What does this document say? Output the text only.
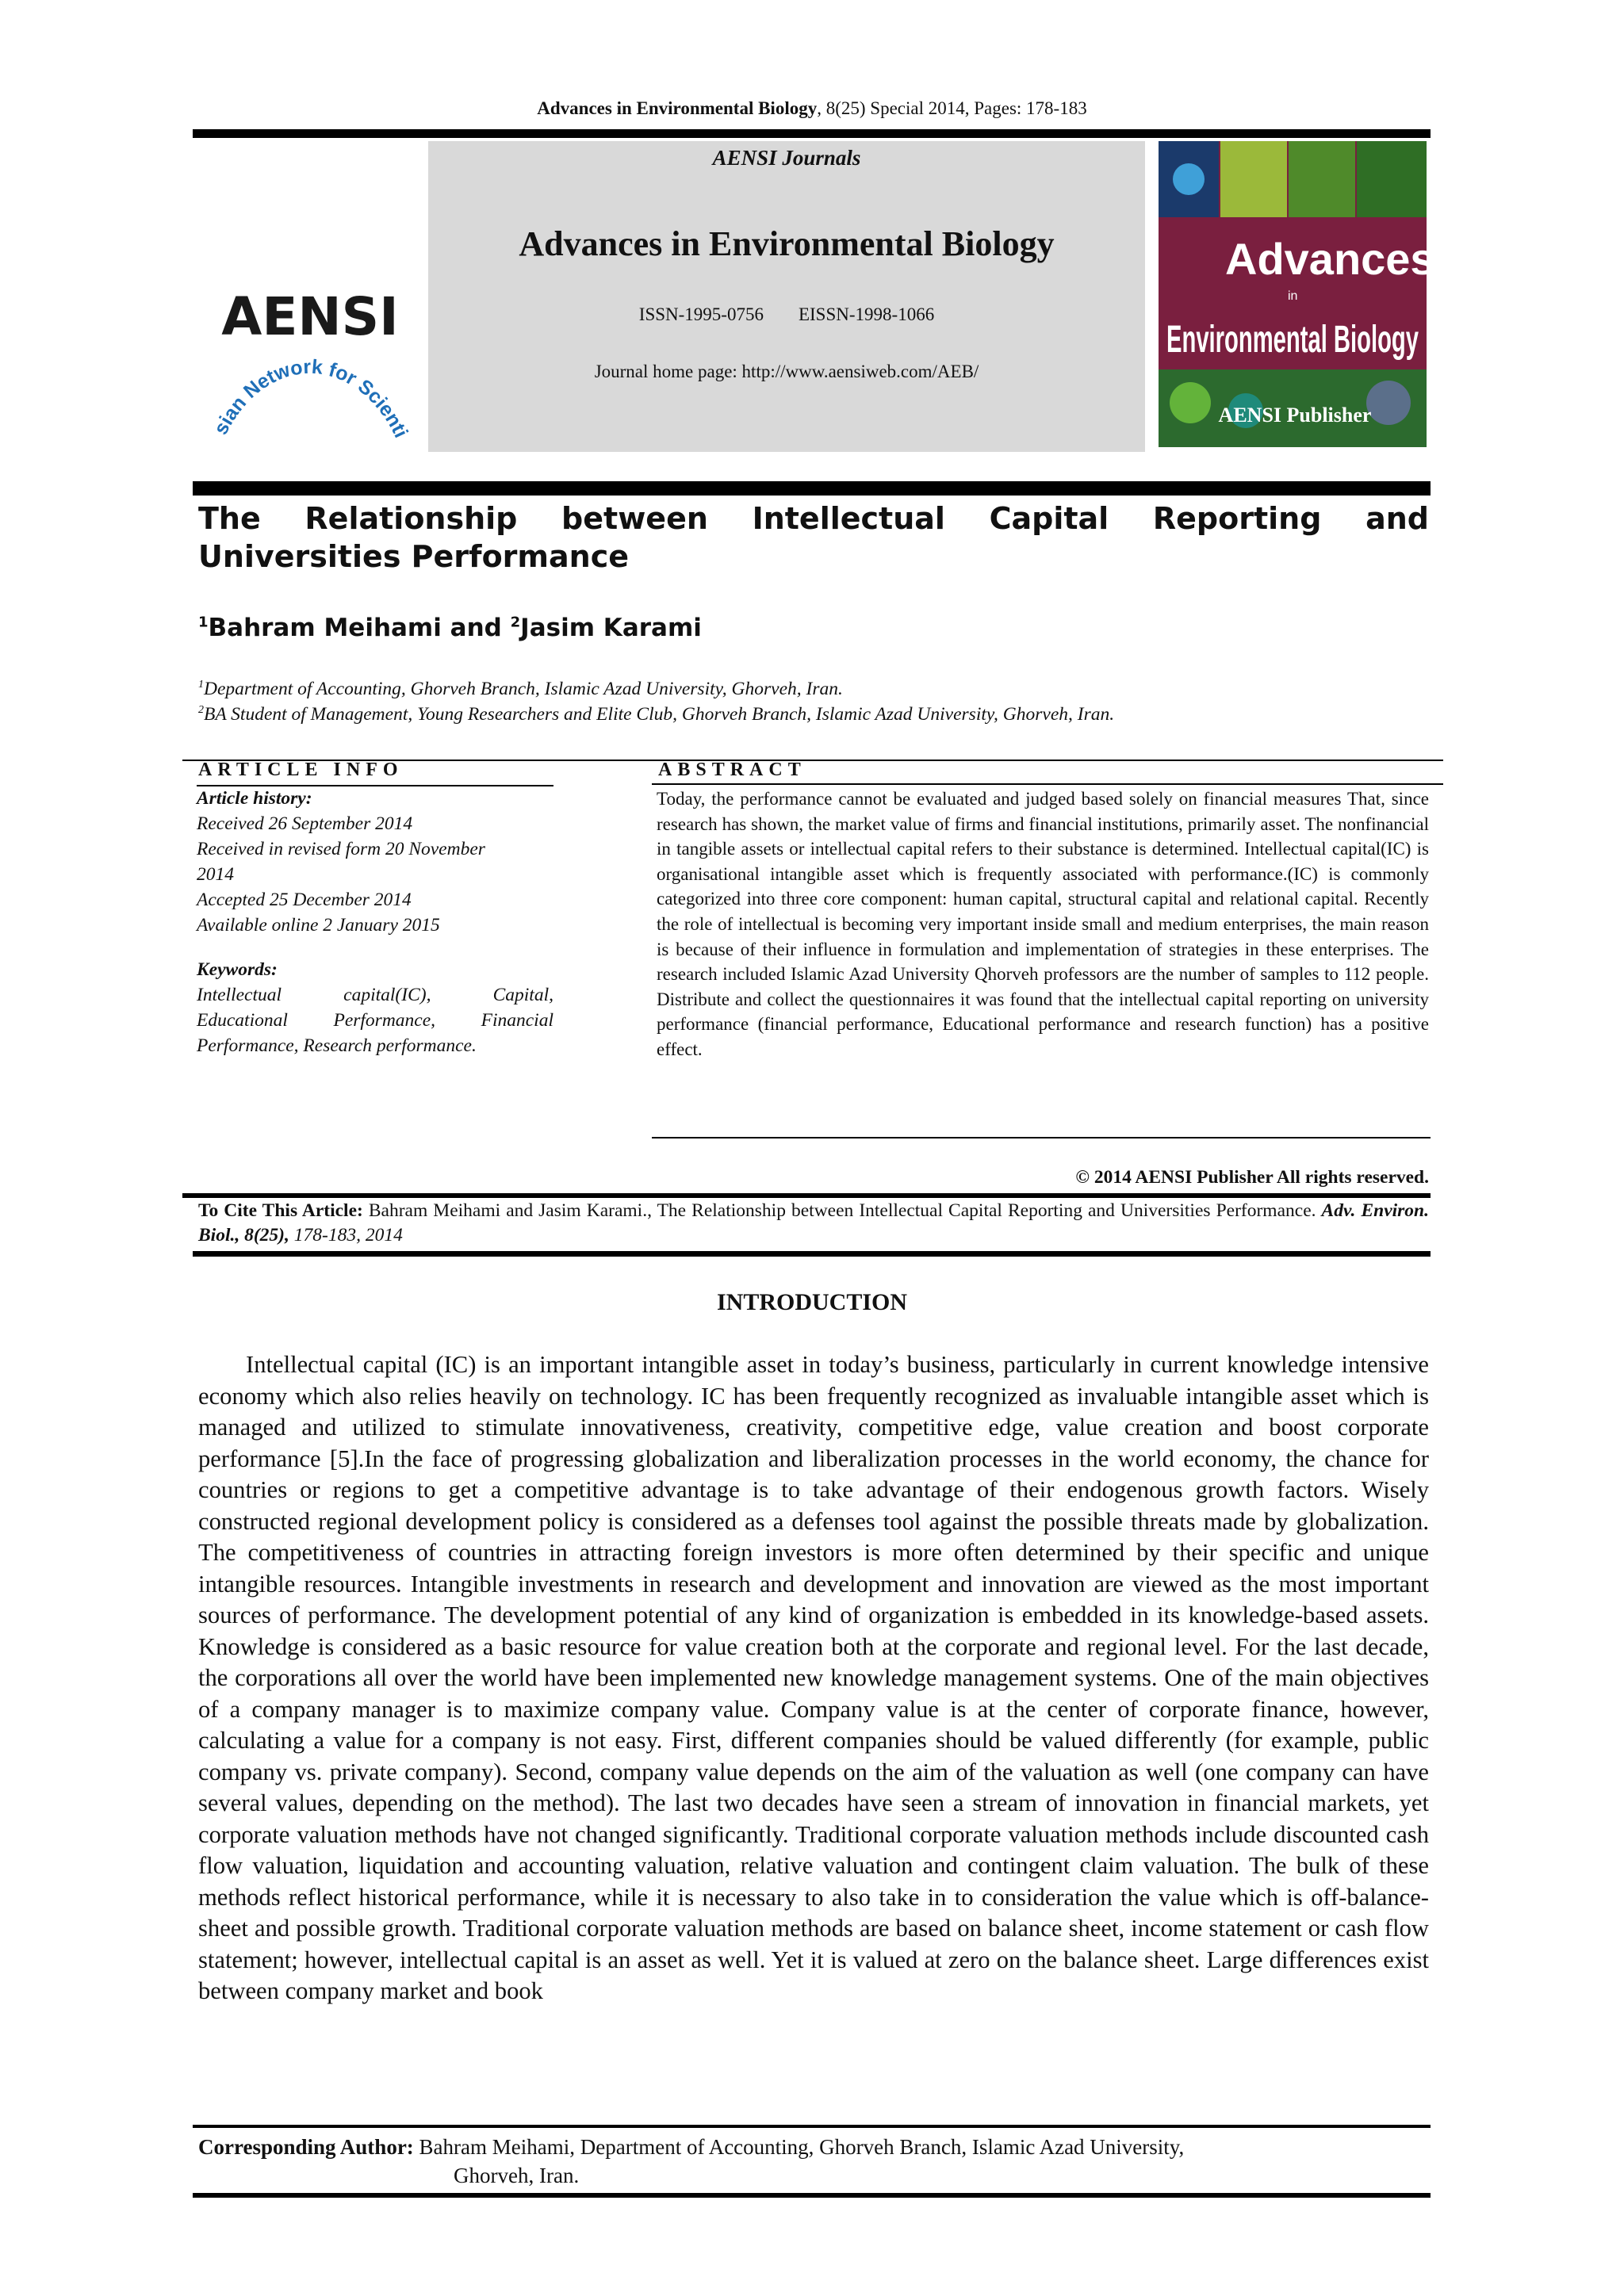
Advances in Environmental Biology, 8(25) Special 2014, Pages: 178-183
sian Network for Scienti
AENSI
AENSI Journals
Advances in Environmental Biology
ISSN-1995-0756 EISSN-1998-1066
Journal home page: http://www.aensiweb.com/AEB/
Advances
in
Environmental Biology
AENSI Publisher
The Relationship between Intellectual Capital Reporting and Universities Performance
$^1$Bahram Meihami and $^2$Jasim Karami
$^1$Department of Accounting, Ghorveh Branch, Islamic Azad University, Ghorveh, Iran.
$^2$BA Student of Management, Young Researchers and Elite Club, Ghorveh Branch, Islamic Azad University, Ghorveh, Iran.
ARTICLE INFO	ABSTRACT
Article history:
Received 26 September 2014
Received in revised form 20 November
2014
Accepted 25 December 2014
Available online 2 January 2015
Keywords:
Intellectual capital(IC), Capital,
Educational Performance, Financial
Performance, Research performance.
Today, the performance cannot be evaluated and judged based solely on financial measures That, since research has shown, the market value of firms and financial institutions, primarily asset. The nonfinancial in tangible assets or intellectual capital refers to their substance is determined. Intellectual capital(IC) is organisational intangible asset which is frequently associated with performance.(IC) is commonly categorized into three core component: human capital, structural capital and relational capital. Recently the role of intellectual is becoming very important inside small and medium enterprises, the main reason is because of their influence in formulation and implementation of strategies in these enterprises. The research included Islamic Azad University Qhorveh professors are the number of samples to 112 people. Distribute and collect the questionnaires it was found that the intellectual capital reporting on university performance (financial performance, Educational performance and research function) has a positive effect.
© 2014 AENSI Publisher All rights reserved.
To Cite This Article: Bahram Meihami and Jasim Karami., The Relationship between Intellectual Capital Reporting and Universities Performance. Adv. Environ. Biol., 8(25), 178-183, 2014
INTRODUCTION
Intellectual capital (IC) is an important intangible asset in today’s business, particularly in current knowledge intensive economy which also relies heavily on technology. IC has been frequently recognized as invaluable intangible asset which is managed and utilized to stimulate innovativeness, creativity, competitive edge, value creation and boost corporate performance [5].In the face of progressing globalization and liberalization processes in the world economy, the chance for countries or regions to get a competitive advantage is to take advantage of their endogenous growth factors. Wisely constructed regional development policy is considered as a defenses tool against the possible threats made by globalization. The competitiveness of countries in attracting foreign investors is more often determined by their specific and unique intangible resources. Intangible investments in research and development and innovation are viewed as the most important sources of performance. The development potential of any kind of organization is embedded in its knowledge-based assets. Knowledge is considered as a basic resource for value creation both at the corporate and regional level. For the last decade, the corporations all over the world have been implemented new knowledge management systems. One of the main objectives of a company manager is to maximize company value. Company value is at the center of corporate finance, however, calculating a value for a company is not easy. First, different companies should be valued differently (for example, public company vs. private company). Second, company value depends on the aim of the valuation as well (one company can have several values, depending on the method). The last two decades have seen a stream of innovation in financial markets, yet corporate valuation methods have not changed significantly. Traditional corporate valuation methods include discounted cash flow valuation, liquidation and accounting valuation, relative valuation and contingent claim valuation. The bulk of these methods reflect historical performance, while it is necessary to also take in to consideration the value which is off-balance-sheet and possible growth. Traditional corporate valuation methods are based on balance sheet, income statement or cash flow statement; however, intellectual capital is an asset as well. Yet it is valued at zero on the balance sheet. Large differences exist between company market and book
Corresponding Author: Bahram Meihami, Department of Accounting, Ghorveh Branch, Islamic Azad University,
Ghorveh, Iran.
